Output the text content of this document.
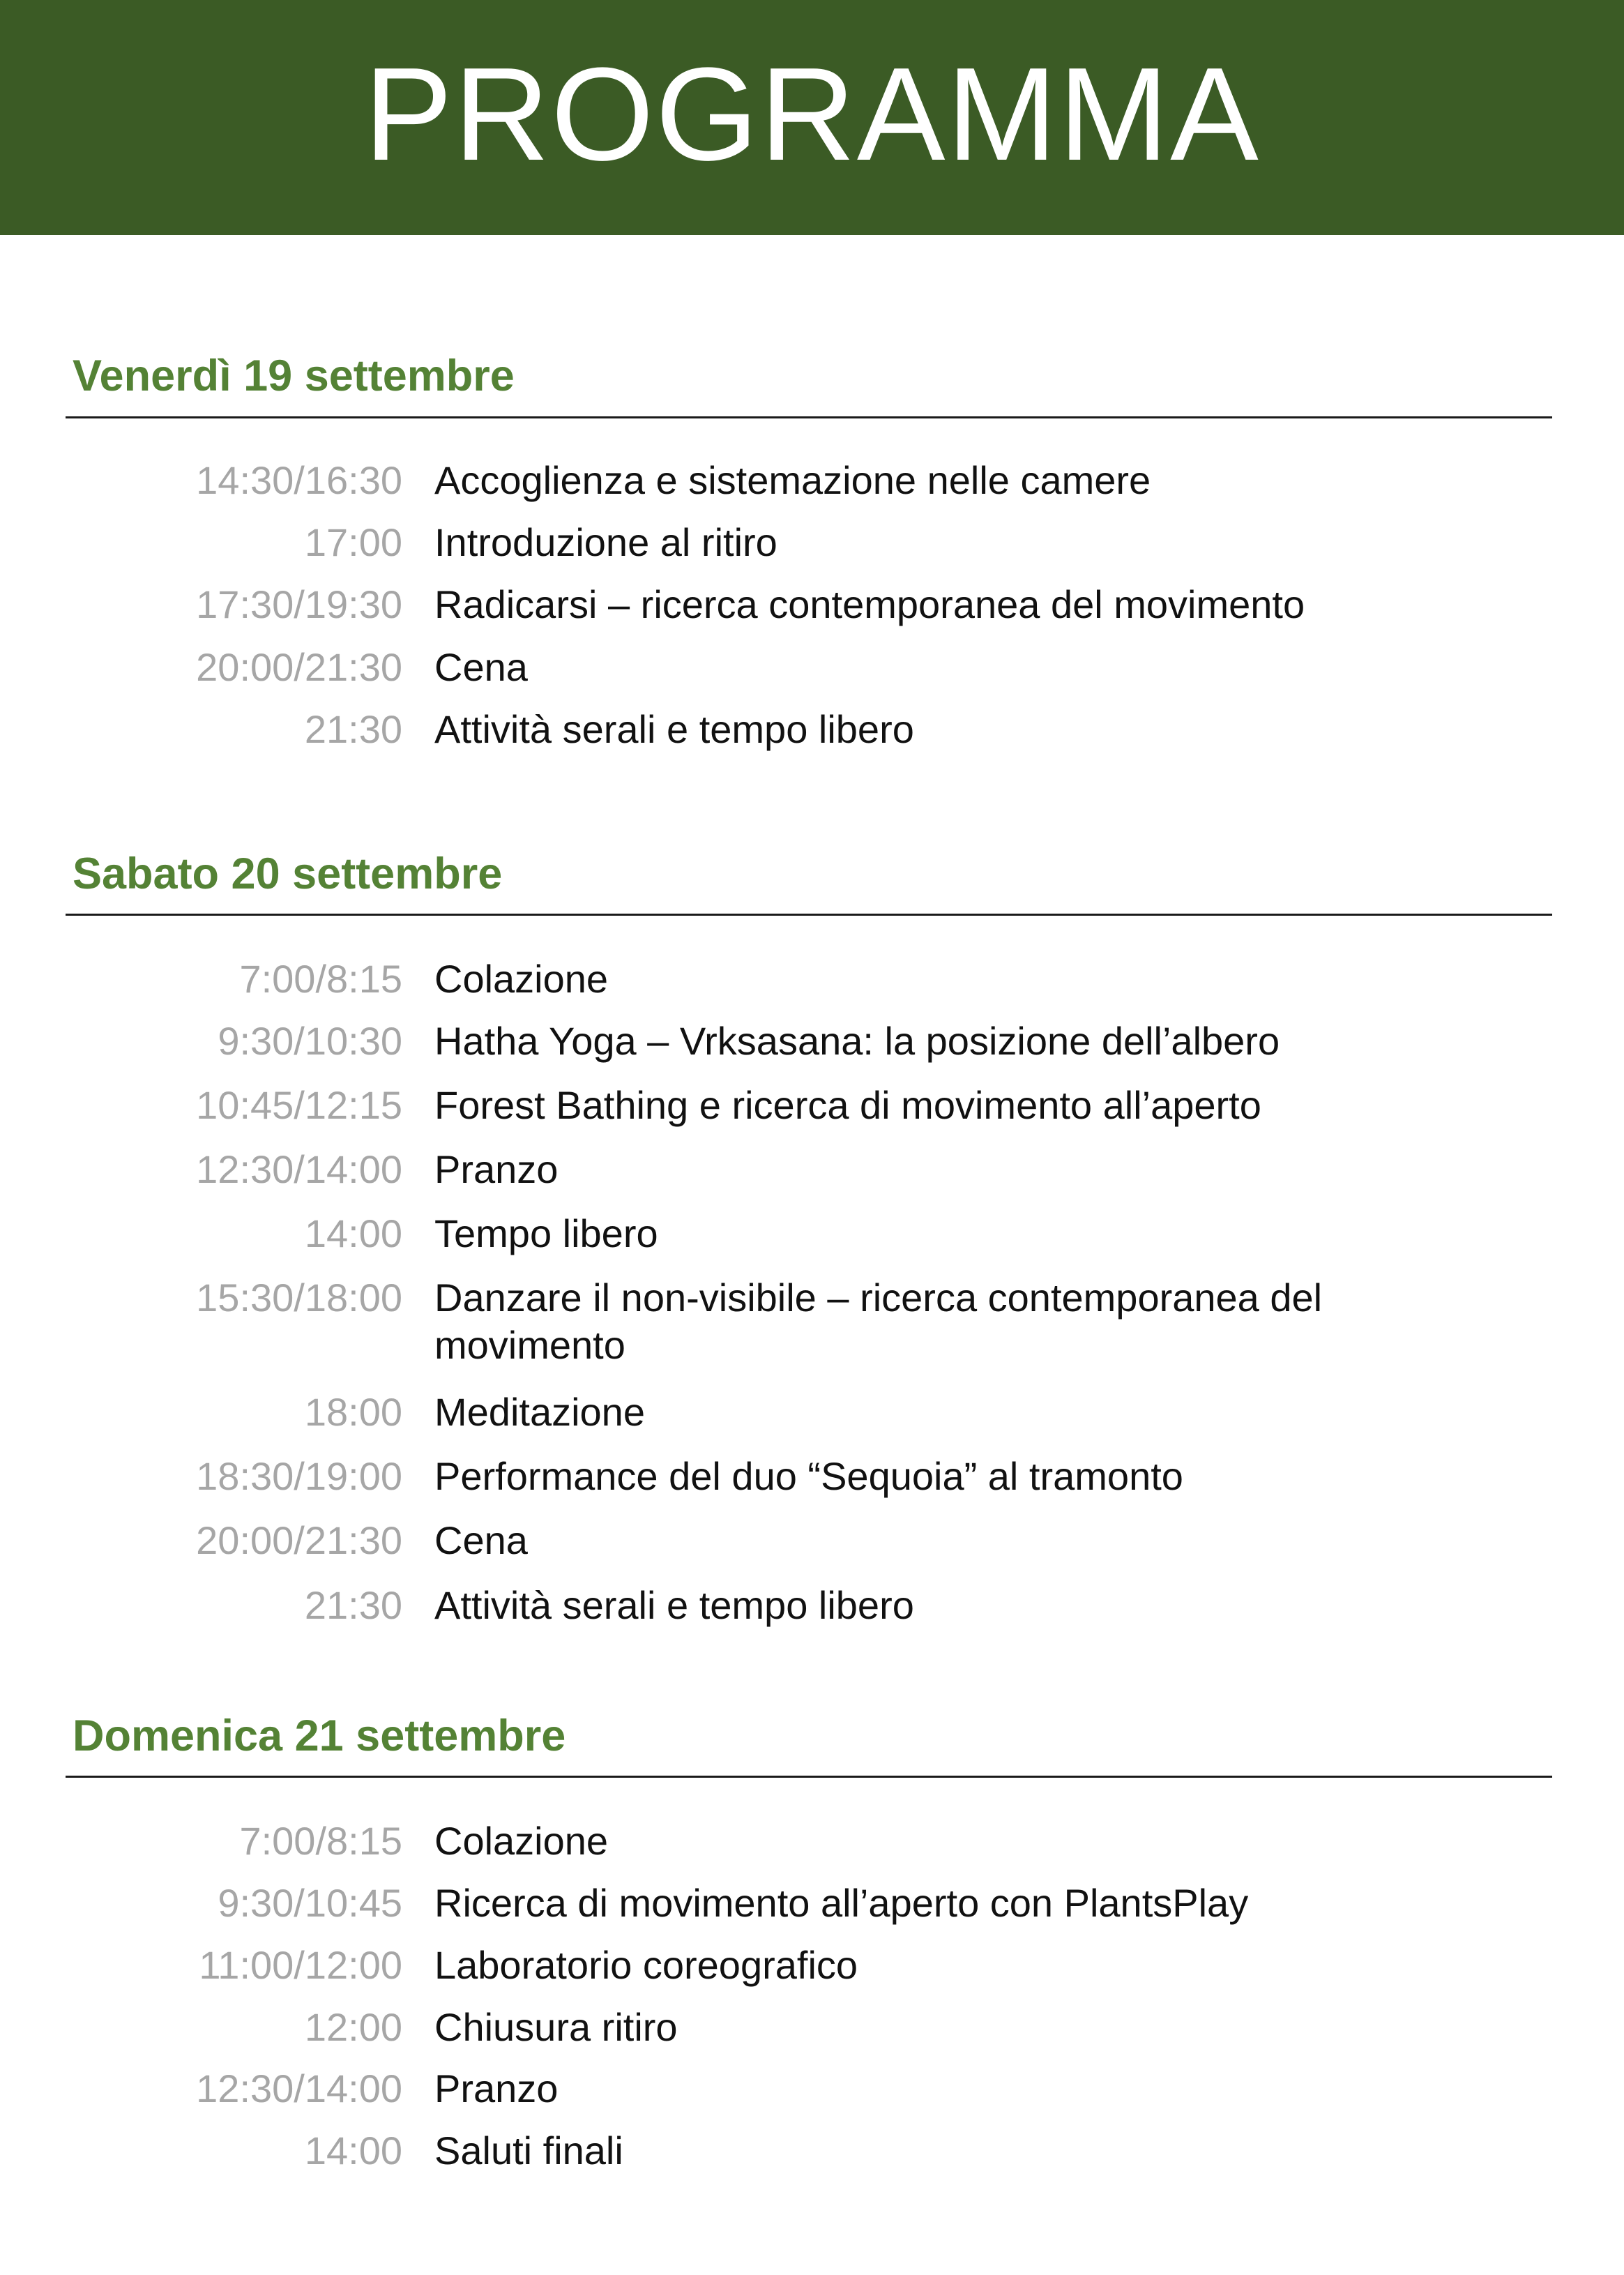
PROGRAMMA
Venerdì 19 settembre
14:30/16:30 Accoglienza e sistemazione nelle camere
17:00 Introduzione al ritiro
17:30/19:30 Radicarsi – ricerca contemporanea del movimento
20:00/21:30 Cena
21:30 Attività serali e tempo libero
Sabato 20 settembre
7:00/8:15 Colazione
9:30/10:30 Hatha Yoga – Vrksasana: la posizione dell’albero
10:45/12:15 Forest Bathing e ricerca di movimento all’aperto
12:30/14:00 Pranzo
14:00 Tempo libero
15:30/18:00 Danzare il non-visibile – ricerca contemporanea del movimento
18:00 Meditazione
18:30/19:00 Performance del duo “Sequoia” al tramonto
20:00/21:30 Cena
21:30 Attività serali e tempo libero
Domenica 21 settembre
7:00/8:15 Colazione
9:30/10:45 Ricerca di movimento all’aperto con PlantsPlay
11:00/12:00 Laboratorio coreografico
12:00 Chiusura ritiro
12:30/14:00 Pranzo
14:00 Saluti finali
